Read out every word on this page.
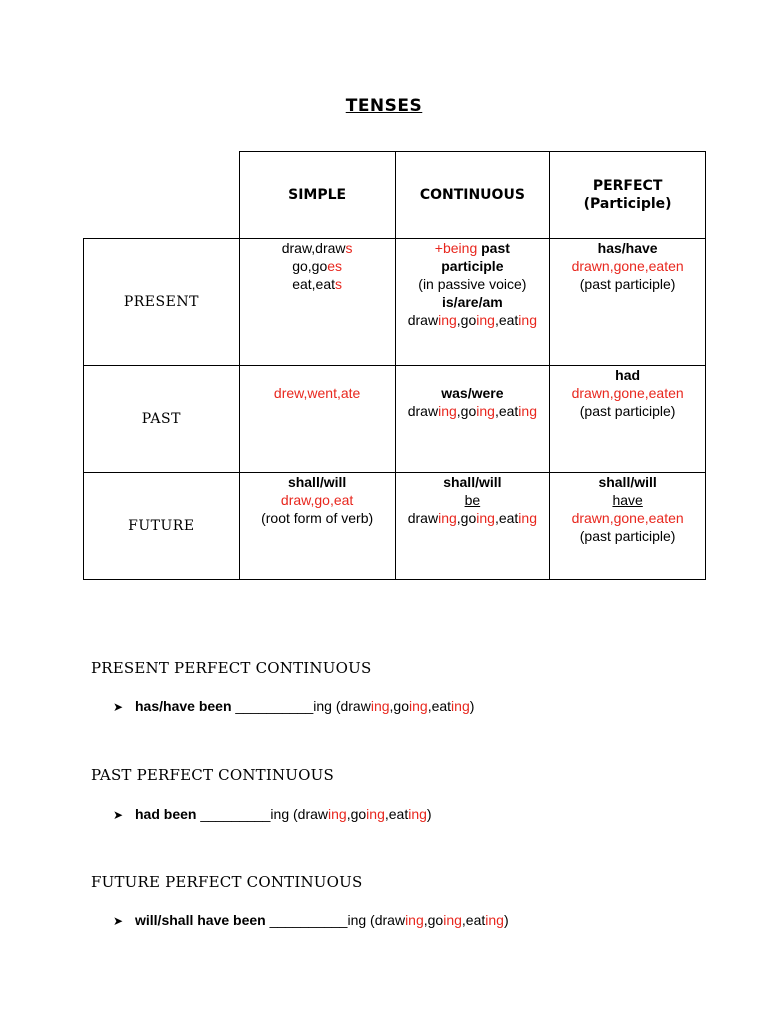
TENSES
	SIMPLE	CONTINUOUS	PERFECT
(Participle)

PRESENT	draw,draws
go,goes
eat,eats	+being past
participle
(in passive voice)
is/are/am
drawing,going,eating	has/have
drawn,gone,eaten
(past participle)

PAST	drew,went,ate	was/were
drawing,going,eating	had
drawn,gone,eaten
(past participle)

FUTURE	shall/will
draw,go,eat
(root form of verb)	shall/will
be
drawing,going,eating	shall/will
have
drawn,gone,eaten
(past participle)
PRESENT PERFECT CONTINUOUS
➤ has/have been __________ing (drawing,going,eating)
PAST PERFECT CONTINUOUS
➤ had been _________ing (drawing,going,eating)
FUTURE PERFECT CONTINUOUS
➤ will/shall have been __________ing (drawing,going,eating)
